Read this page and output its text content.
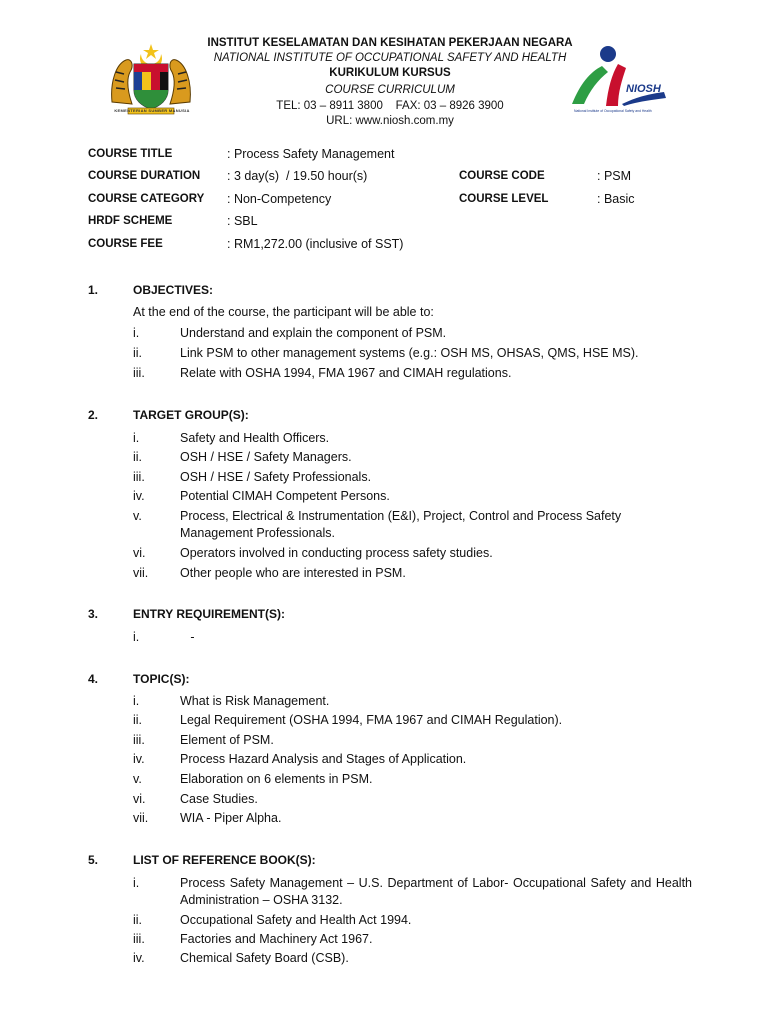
KEMENTERIAN SUMBER MANUSIA
NIOSH
National Institute of Occupational Safety and Health
INSTITUT KESELAMATAN DAN KESIHATAN PEKERJAAN NEGARA
NATIONAL INSTITUTE OF OCCUPATIONAL SAFETY AND HEALTH
KURIKULUM KURSUS
COURSE CURRICULUM
TEL: 03 – 8911 3800    FAX: 03 – 8926 3900
URL: www.niosh.com.my
COURSE TITLE	: Process Safety Management
COURSE DURATION : 3 day(s)  / 19.50 hour(s)	COURSE CODE	: PSM
COURSE CATEGORY : Non-Competency	COURSE LEVEL	: Basic
HRDF SCHEME	: SBL
COURSE FEE	: RM1,272.00 (inclusive of SST)
1.	OBJECTIVES:
At the end of the course, the participant will be able to:
i.	Understand and explain the component of PSM.
ii.	Link PSM to other management systems (e.g.: OSH MS, OHSAS, QMS, HSE MS).
iii.	Relate with OSHA 1994, FMA 1967 and CIMAH regulations.
2.	TARGET GROUP(S):
i.	Safety and Health Officers.
ii.	OSH / HSE / Safety Managers.
iii.	OSH / HSE / Safety Professionals.
iv.	Potential CIMAH Competent Persons.
v.	Process, Electrical & Instrumentation (E&I), Project, Control and Process Safety Management Professionals.
vi.	Operators involved in conducting process safety studies.
vii.	Other people who are interested in PSM.
3.	ENTRY REQUIREMENT(S):
i.	-
4.	TOPIC(S):
i.	What is Risk Management.
ii.	Legal Requirement (OSHA 1994, FMA 1967 and CIMAH Regulation).
iii.	Element of PSM.
iv.	Process Hazard Analysis and Stages of Application.
v.	Elaboration on 6 elements in PSM.
vi.	Case Studies.
vii.	WIA - Piper Alpha.
5.	LIST OF REFERENCE BOOK(S):
i.	Process Safety Management – U.S. Department of Labor- Occupational Safety and Health Administration – OSHA 3132.
ii.	Occupational Safety and Health Act 1994.
iii.	Factories and Machinery Act 1967.
iv.	Chemical Safety Board (CSB).
